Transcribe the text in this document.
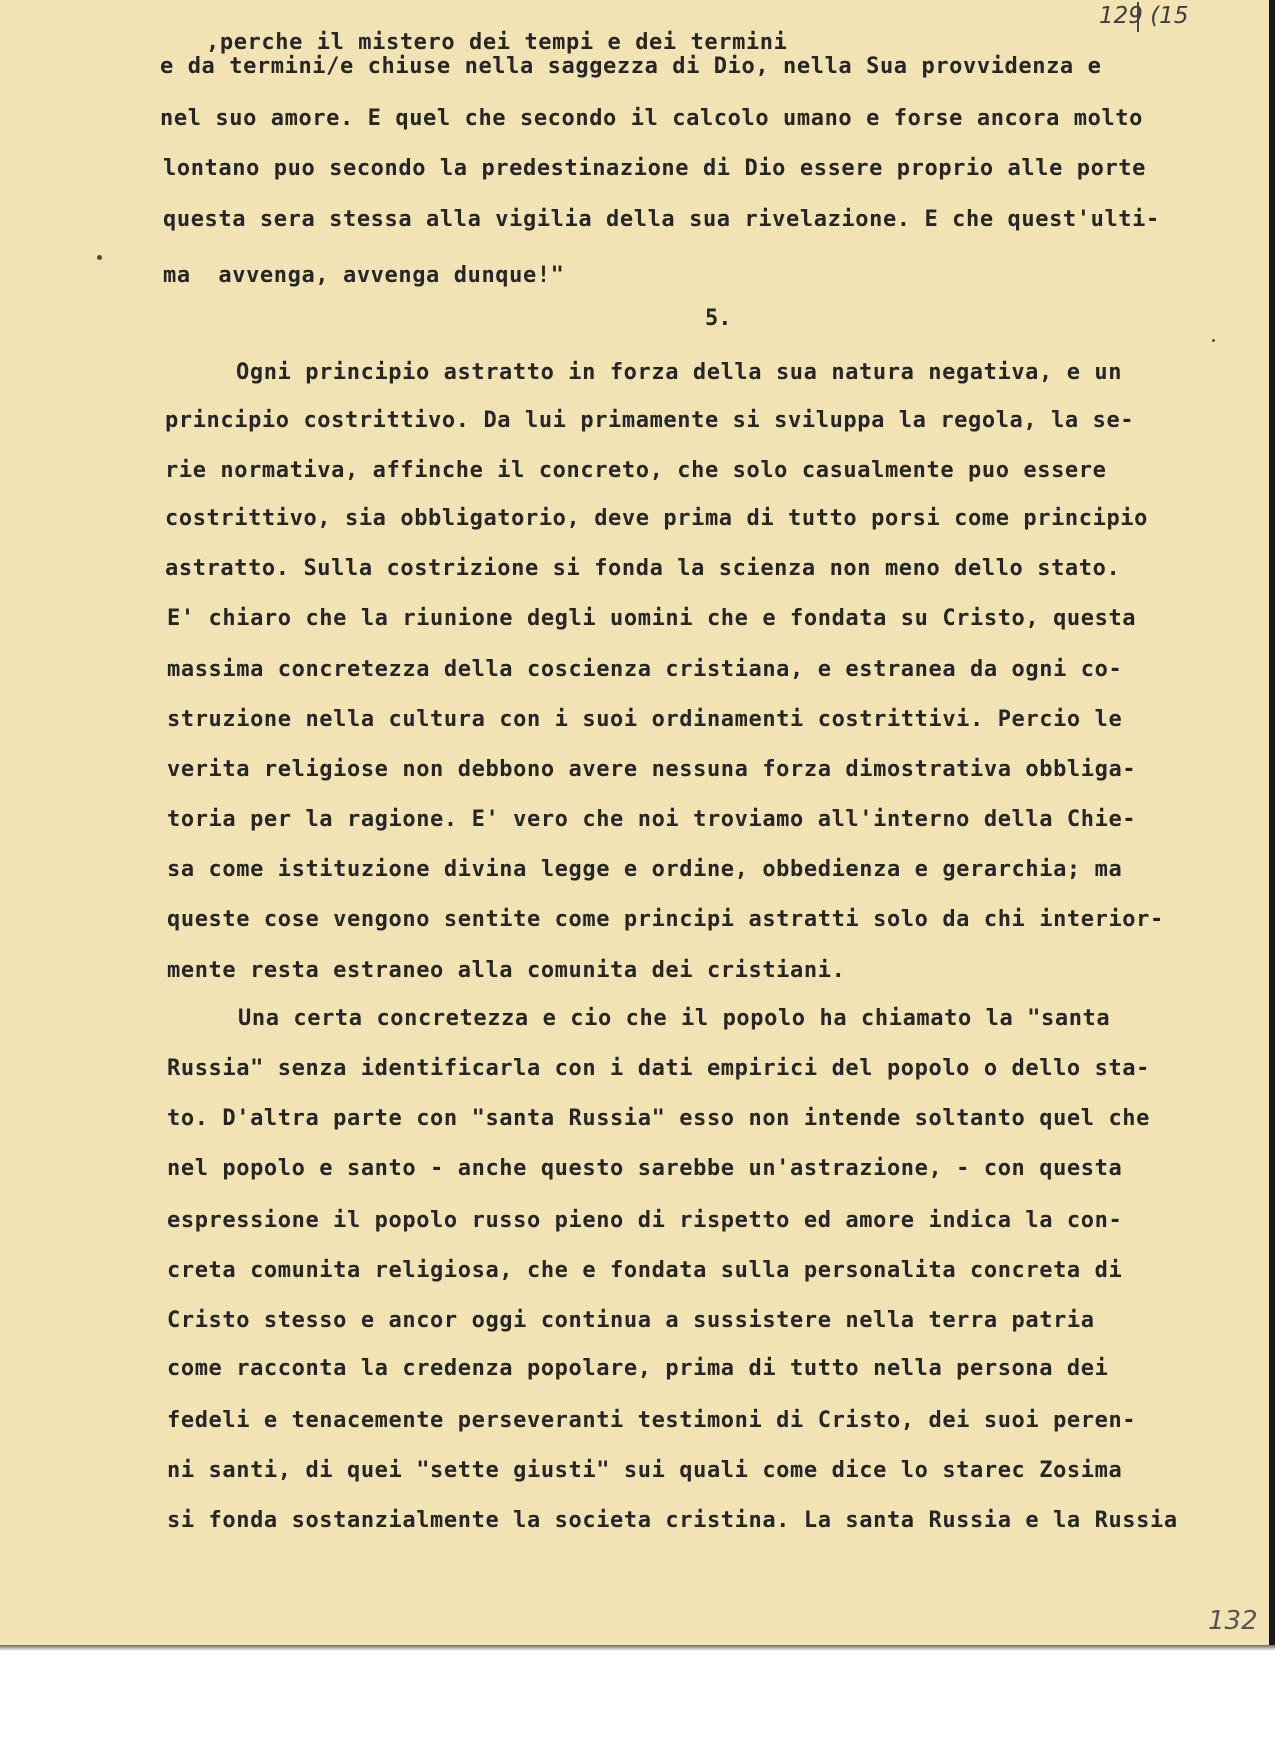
129 (15

,perche il mistero dei tempi e dei termini

e da termini/e chiuse nella saggezza di Dio, nella Sua provvidenza e

nel suo amore. E quel che secondo il calcolo umano e forse ancora molto

lontano puo secondo la predestinazione di Dio essere proprio alle porte

questa sera stessa alla vigilia della sua rivelazione. E che quest'ulti-

ma  avvenga, avvenga dunque!"

5.

Ogni principio astratto in forza della sua natura negativa, e un

principio costrittivo. Da lui primamente si sviluppa la regola, la se-

rie normativa, affinche il concreto, che solo casualmente puo essere

costrittivo, sia obbligatorio, deve prima di tutto porsi come principio

astratto. Sulla costrizione si fonda la scienza non meno dello stato.

E' chiaro che la riunione degli uomini che e fondata su Cristo, questa

massima concretezza della coscienza cristiana, e estranea da ogni co-

struzione nella cultura con i suoi ordinamenti costrittivi. Percio le

verita religiose non debbono avere nessuna forza dimostrativa obbliga-

toria per la ragione. E' vero che noi troviamo all'interno della Chie-

sa come istituzione divina legge e ordine, obbedienza e gerarchia; ma

queste cose vengono sentite come principi astratti solo da chi interior-

mente resta estraneo alla comunita dei cristiani.

Una certa concretezza e cio che il popolo ha chiamato la "santa

Russia" senza identificarla con i dati empirici del popolo o dello sta-

to. D'altra parte con "santa Russia" esso non intende soltanto quel che

nel popolo e santo - anche questo sarebbe un'astrazione, - con questa

espressione il popolo russo pieno di rispetto ed amore indica la con-

creta comunita religiosa, che e fondata sulla personalita concreta di

Cristo stesso e ancor oggi continua a sussistere nella terra patria

come racconta la credenza popolare, prima di tutto nella persona dei

fedeli e tenacemente perseveranti testimoni di Cristo, dei suoi peren-

ni santi, di quei "sette giusti" sui quali come dice lo starec Zosima

si fonda sostanzialmente la societa cristina. La santa Russia e la Russia

132
